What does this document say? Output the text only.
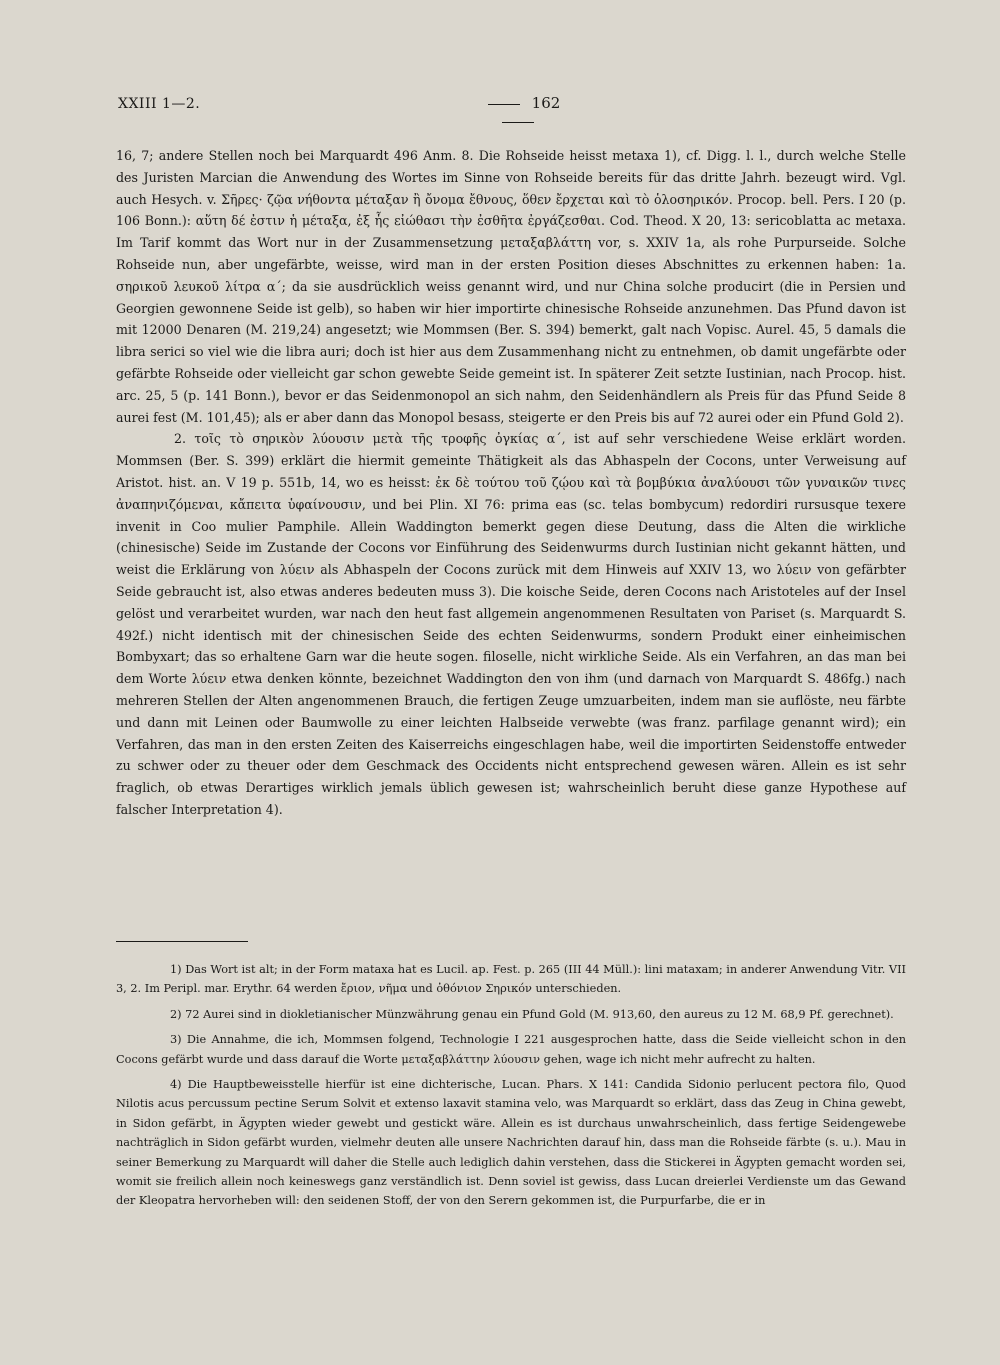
XXIII 1—2.	162

16, 7; andere Stellen noch bei Marquardt 496 Anm. 8. Die Rohseide heisst metaxa 1), cf. Digg. l. l., durch welche Stelle des Juristen Marcian die Anwendung des Wortes im Sinne von Rohseide bereits für das dritte Jahrh. bezeugt wird. Vgl. auch Hesych. v. Σῆρες· ζῷα νήθοντα μέταξαν ἢ ὄνομα ἔθνους, ὅθεν ἔρχεται καὶ τὸ ὁλοσηρικόν. Procop. bell. Pers. I 20 (p. 106 Bonn.): αὕτη δέ ἐστιν ἡ μέταξα, ἐξ ἧς εἰώθασι τὴν ἐσθῆτα ἐργάζεσθαι. Cod. Theod. X 20, 13: sericoblatta ac metaxa. Im Tarif kommt das Wort nur in der Zusammensetzung μεταξαβλάττη vor, s. XXIV 1a, als rohe Purpurseide. Solche Rohseide nun, aber ungefärbte, weisse, wird man in der ersten Position dieses Abschnittes zu erkennen haben: 1a. σηρικοῦ λευκοῦ λίτρα α´; da sie ausdrücklich weiss genannt wird, und nur China solche producirt (die in Persien und Georgien gewonnene Seide ist gelb), so haben wir hier importirte chinesische Rohseide anzunehmen. Das Pfund davon ist mit 12000 Denaren (M. 219,24) angesetzt; wie Mommsen (Ber. S. 394) bemerkt, galt nach Vopisc. Aurel. 45, 5 damals die libra serici so viel wie die libra auri; doch ist hier aus dem Zusammenhang nicht zu entnehmen, ob damit ungefärbte oder gefärbte Rohseide oder vielleicht gar schon gewebte Seide gemeint ist. In späterer Zeit setzte Iustinian, nach Procop. hist. arc. 25, 5 (p. 141 Bonn.), bevor er das Seidenmonopol an sich nahm, den Seidenhändlern als Preis für das Pfund Seide 8 aurei fest (M. 101,45); als er aber dann das Monopol besass, steigerte er den Preis bis auf 72 aurei oder ein Pfund Gold 2).

2. τοῖς τὸ σηρικὸν λύουσιν μετὰ τῆς τροφῆς ὀγκίας α´, ist auf sehr verschiedene Weise erklärt worden. Mommsen (Ber. S. 399) erklärt die hiermit gemeinte Thätigkeit als das Abhaspeln der Cocons, unter Verweisung auf Aristot. hist. an. V 19 p. 551b, 14, wo es heisst: ἐκ δὲ τούτου τοῦ ζῴου καὶ τὰ βομβύκια ἀναλύουσι τῶν γυναικῶν τινες ἀναπηνιζόμεναι, κἄπειτα ὑφαίνουσιν, und bei Plin. XI 76: prima eas (sc. telas bombycum) redordiri rursusque texere invenit in Coo mulier Pamphile. Allein Waddington bemerkt gegen diese Deutung, dass die Alten die wirkliche (chinesische) Seide im Zustande der Cocons vor Einführung des Seidenwurms durch Iustinian nicht gekannt hätten, und weist die Erklärung von λύειν als Abhaspeln der Cocons zurück mit dem Hinweis auf XXIV 13, wo λύειν von gefärbter Seide gebraucht ist, also etwas anderes bedeuten muss 3). Die koische Seide, deren Cocons nach Aristoteles auf der Insel gelöst und verarbeitet wurden, war nach den heut fast allgemein angenommenen Resultaten von Pariset (s. Marquardt S. 492f.) nicht identisch mit der chinesischen Seide des echten Seidenwurms, sondern Produkt einer einheimischen Bombyxart; das so erhaltene Garn war die heute sogen. filoselle, nicht wirkliche Seide. Als ein Verfahren, an das man bei dem Worte λύειν etwa denken könnte, bezeichnet Waddington den von ihm (und darnach von Marquardt S. 486fg.) nach mehreren Stellen der Alten angenommenen Brauch, die fertigen Zeuge umzuarbeiten, indem man sie auflöste, neu färbte und dann mit Leinen oder Baumwolle zu einer leichten Halbseide verwebte (was franz. parfilage genannt wird); ein Verfahren, das man in den ersten Zeiten des Kaiserreichs eingeschlagen habe, weil die importirten Seidenstoffe entweder zu schwer oder zu theuer oder dem Geschmack des Occidents nicht entsprechend gewesen wären. Allein es ist sehr fraglich, ob etwas Derartiges wirklich jemals üblich gewesen ist; wahrscheinlich beruht diese ganze Hypothese auf falscher Interpretation 4).

1) Das Wort ist alt; in der Form mataxa hat es Lucil. ap. Fest. p. 265 (III 44 Müll.): lini mataxam; in anderer Anwendung Vitr. VII 3, 2. Im Peripl. mar. Erythr. 64 werden ἔριον, νῆμα und ὀθόνιον Σηρικόν unterschieden.

2) 72 Aurei sind in diokletianischer Münzwährung genau ein Pfund Gold (M. 913,60, den aureus zu 12 M. 68,9 Pf. gerechnet).

3) Die Annahme, die ich, Mommsen folgend, Technologie I 221 ausgesprochen hatte, dass die Seide vielleicht schon in den Cocons gefärbt wurde und dass darauf die Worte μεταξαβλάττην λύουσιν gehen, wage ich nicht mehr aufrecht zu halten.

4) Die Hauptbeweisstelle hierfür ist eine dichterische, Lucan. Phars. X 141: Candida Sidonio perlucent pectora filo, Quod Nilotis acus percussum pectine Serum Solvit et extenso laxavit stamina velo, was Marquardt so erklärt, dass das Zeug in China gewebt, in Sidon gefärbt, in Ägypten wieder gewebt und gestickt wäre. Allein es ist durchaus unwahrscheinlich, dass fertige Seidengewebe nachträglich in Sidon gefärbt wurden, vielmehr deuten alle unsere Nachrichten darauf hin, dass man die Rohseide färbte (s. u.). Mau in seiner Bemerkung zu Marquardt will daher die Stelle auch lediglich dahin verstehen, dass die Stickerei in Ägypten gemacht worden sei, womit sie freilich allein noch keineswegs ganz verständlich ist. Denn soviel ist gewiss, dass Lucan dreierlei Verdienste um das Gewand der Kleopatra hervorheben will: den seidenen Stoff, der von den Serern gekommen ist, die Purpurfarbe, die er in
